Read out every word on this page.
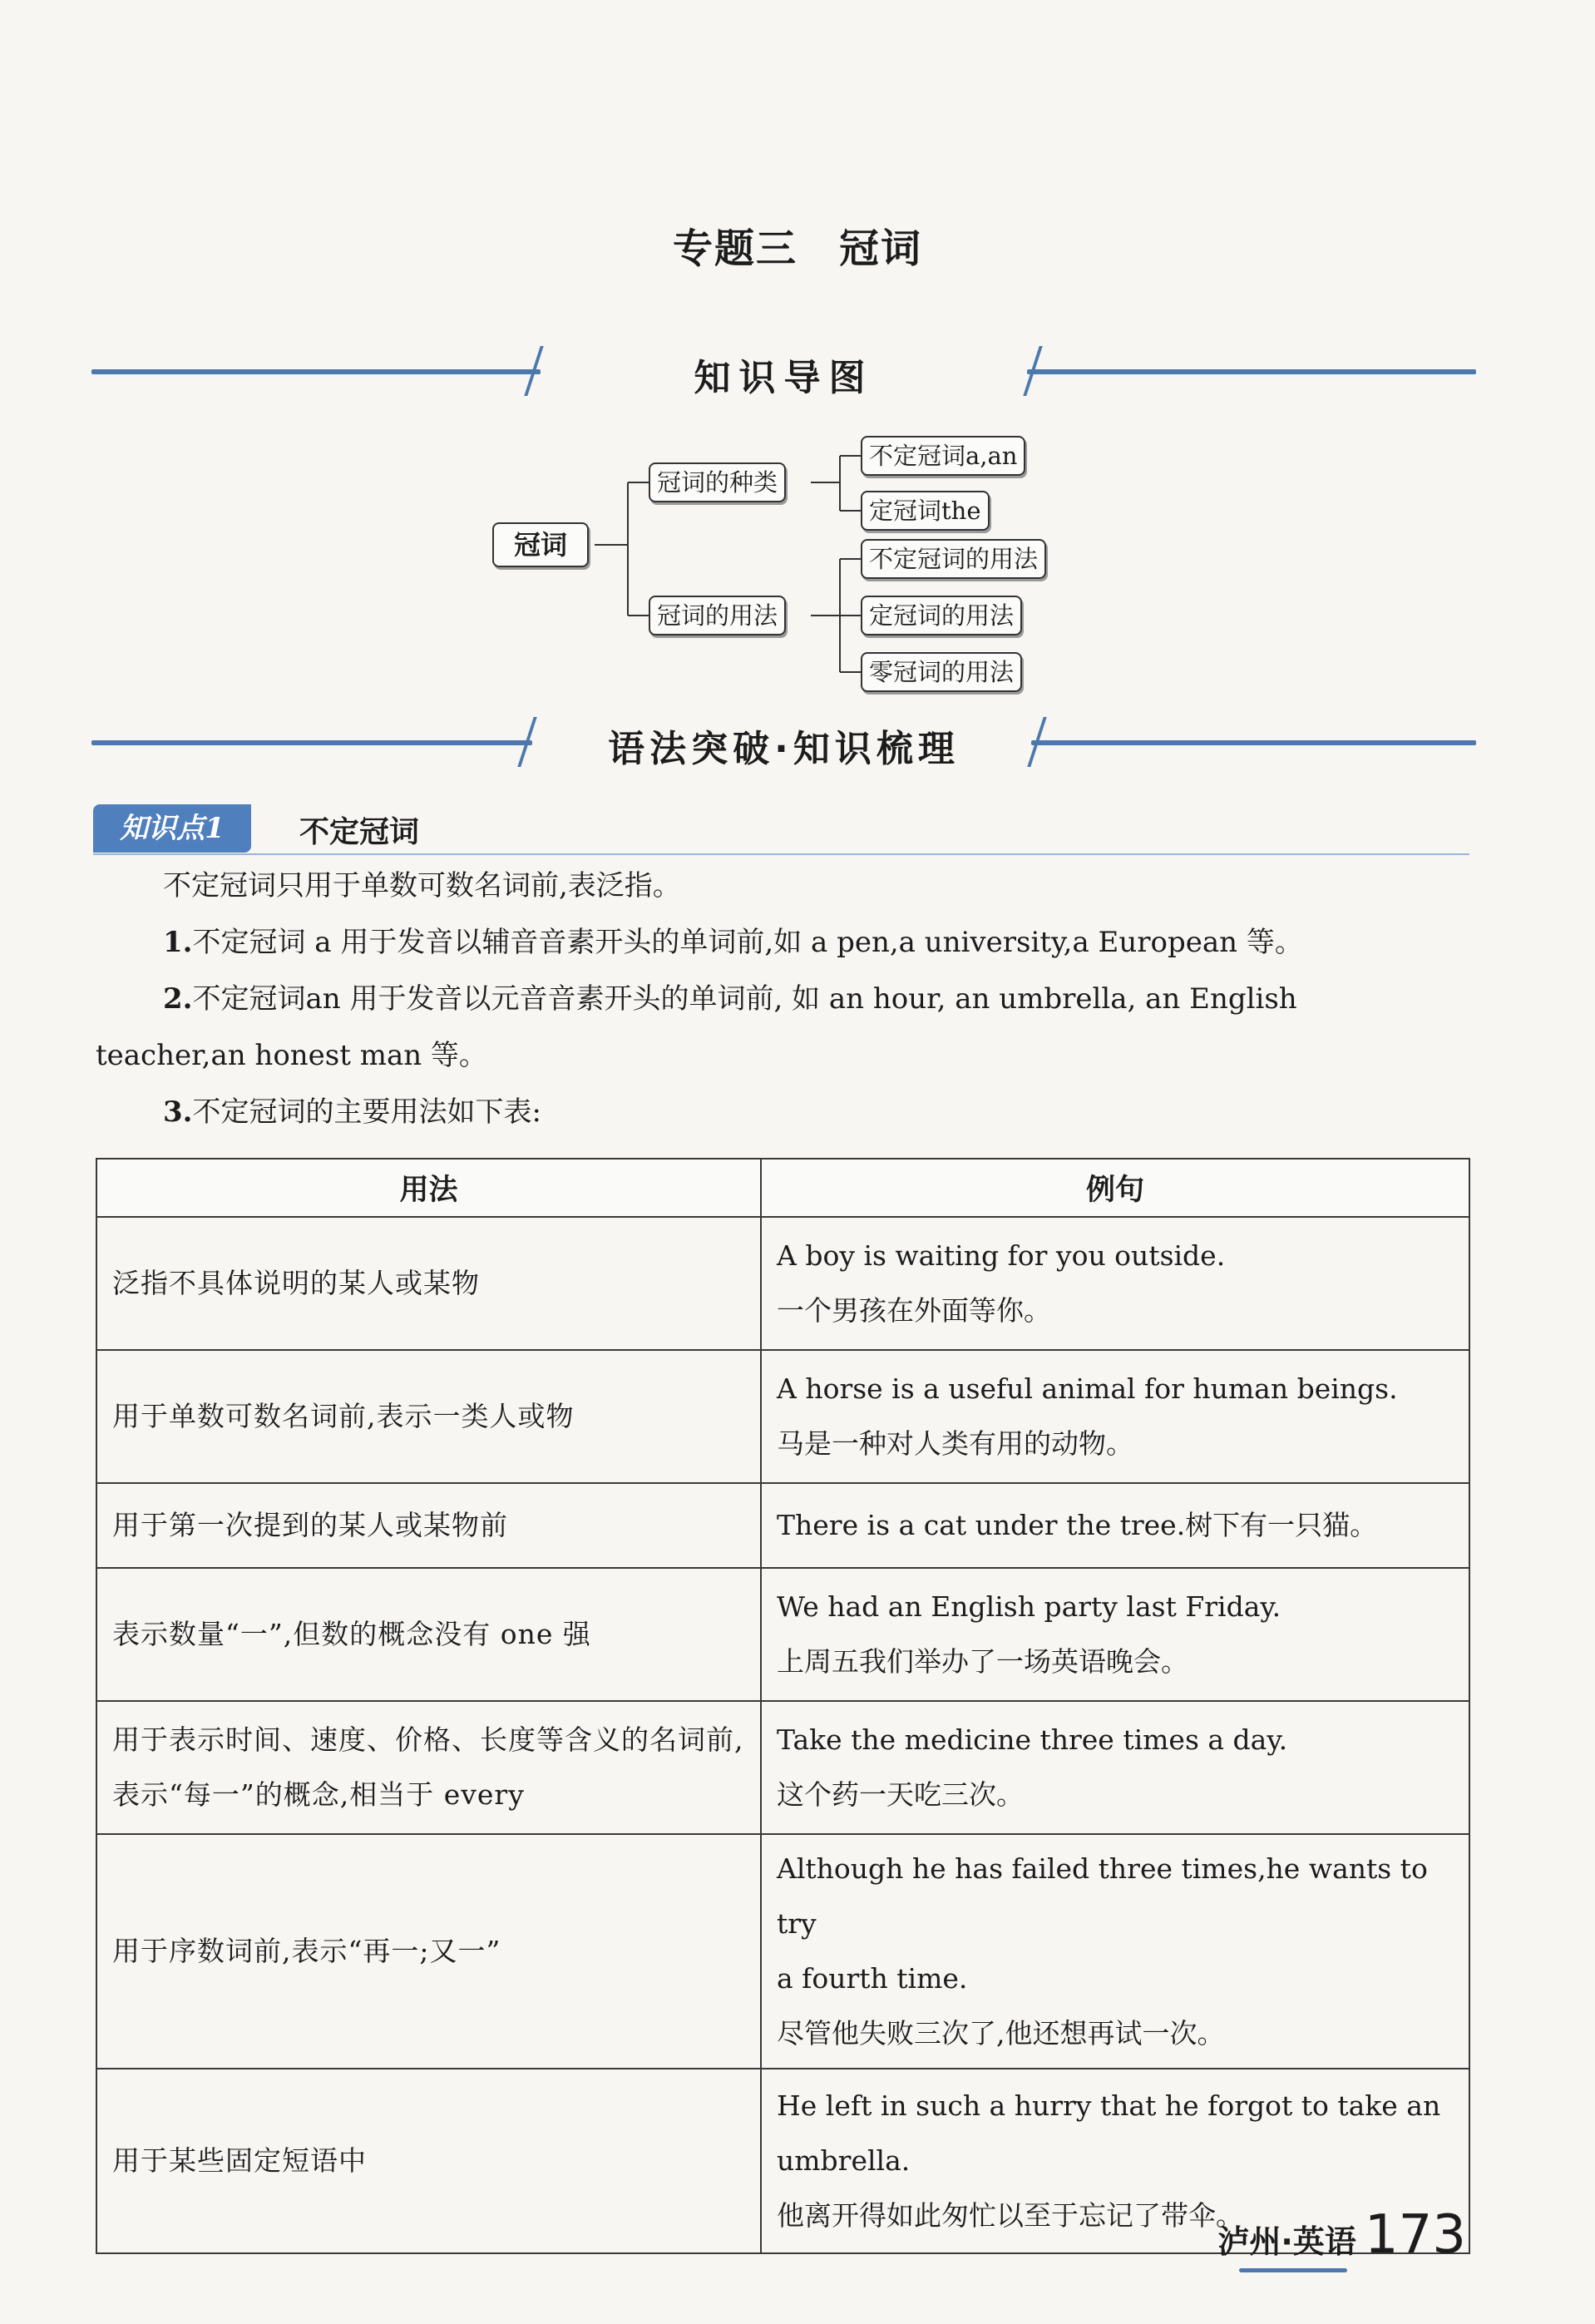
专题三　冠词
知识导图
冠词
冠词的种类
冠词的用法
不定冠词a,an
定冠词the
不定冠词的用法
定冠词的用法
零冠词的用法
语法突破·知识梳理
知识点1	不定冠词
不定冠词只用于单数可数名词前,表泛指。
1.不定冠词 a 用于发音以辅音音素开头的单词前,如 a pen,a university,a European 等。
2.不定冠词an 用于发音以元音音素开头的单词前, 如 an hour, an umbrella, an English
teacher,an honest man 等。
3.不定冠词的主要用法如下表:
用法	例句
泛指不具体说明的某人或某物	A boy is waiting for you outside.
一个男孩在外面等你。

用于单数可数名词前,表示一类人或物	A horse is a useful animal for human beings.
马是一种对人类有用的动物。

用于第一次提到的某人或某物前	There is a cat under the tree.树下有一只猫。

表示数量“一”,但数的概念没有 one 强	We had an English party last Friday.
上周五我们举办了一场英语晚会。

用于表示时间、速度、价格、长度等含义的名词前,表示“每一”的概念,相当于 every	Take the medicine three times a day.
这个药一天吃三次。

用于序数词前,表示“再一;又一”	Although he has failed three times,he wants to try
a fourth time.
尽管他失败三次了,他还想再试一次。

用于某些固定短语中	He left in such a hurry that he forgot to take an
umbrella.
他离开得如此匆忙以至于忘记了带伞。
泸州·英语 173
